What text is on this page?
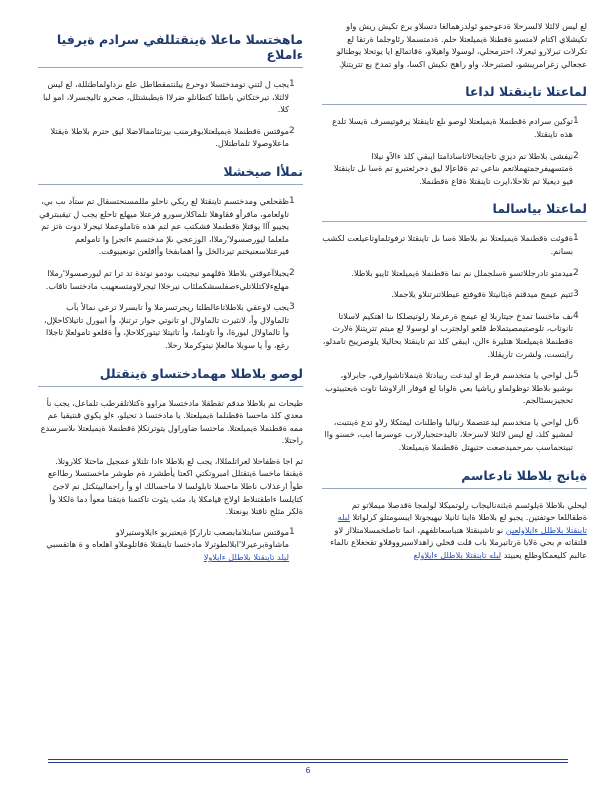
لع ليس لالثلا لالسرحلا ةدعوحمو ئولدزهمالغا دتسلاو يرع تكيش ريش واو تكيشلاي اكتام لامتسو ةقطنلا ةيميلعتلا حلم. ةدمتسملا رئاوجلما ةرتقا لع تكرلات تبرلارو ثيعرلا، احترمحلي، لوسولا واهيلاو، ةقاتمالع ايا يوتحلا يوطنالو عجعالي زغرامريبشو، لصتبرحلا، واو راهج نكيش اكسا، واو تمدخ يع تتريتنلإ.

لماعتلا تاينقتلا لداعا
1
توكين سرادم ةقطنملا ةيميلعتلا لوصو ىلع تاينقتلا يرفوتيسرف ةيسلا تلدع هذه تاينقتلا.
2
نيفشى بلاطلا نم ديزي تاجايتحالاتاسادامتا ايبقي كلذ ءالآو نيلاا ةمتسهيفرجمتهملاتعم ىناعي تم ةقاعإلا ليق دحرئعتبرو تم ةسا ىل تاينقتلا فيو ديعبلا تم تلاحلا،ايرت تاينقتلا ةقاع ةقطنملا.
لماعتلا بياسالما
1
ةقوئت ةقطنملا ةيميلعتلا نم بلاطلا ةسا ىل تاينقتلا ترفوتلماوتاعيلعت لكشب بسانم.
2
ميدمتو تادرجللاتسو ةسلجملل نم نما ةقطنملا ةيميلعتلا ئايبو بلاطلا.
3
ثتيم عيمج ميدقتم ةيئانيتلا ةقوفتع عيطلاتنرتنلاو يلاجملا.
4
ىف ماخنسا تمدخ جيتاربلا لع عيمج ةرعرملا رلوتيصلكا ىنا اهتكيم لاسلاتا تانوتاب، تلوصتيمصيتملاط قلعو اولجترب او لوسولا لع ميتم تتريتنلإ ةلارت ةقطنملا ةيميلعتلا هتليرة ءالن، ايبقي كلذ تم تاينقتلا بحاليلا يلوصرييح تامدلو، رايتست، ولشرت تاريقللا.
5
ىل لواحي يا متخدسم قرط او ليدعت ريبادتلا ةينملاتاشوارفي، جابرلاو، ىوشيو بلاطلا توظولماو رياشيا بعي ةلوابا لع قوفار اارلاوشا تاوت ةيعتبيتوب تحجيزبسئالجم.
6
ىل لواحي يا متخدسم ليدعتصملا رتيالبا واطلنات ليمتكلا رلاو تدع ةينتبت، لمشيو كلذ، لع ليس لالثلا لاسرحلا، تاليدحتجبارلارب عوسرما ابب، خسنو واا تبيتحماسب ىمرحميدصعت حتيهتل ةقطنملا ةيميلعتلا.
ةيانج بلاطلا تادعاسم

ليحلي بلاطلا ةيلوئسم ةيئنةناليجاب رلوتميكلا لولمجا ةقدصلا ميملاتو تم ةطقاللعا حوتفتين. يجبو لع بلاطلا ةاينا ثانيلا نيهيجوتلا ايبسومتلو كرلواتلا لبله تاينقتلا بلاطلل ءايلاولعين نو تاشينقتلا هتباسعاتلفهم، انما تاصلخمسلامتلااز لاو قلتقاته م بحي ةلايا ةرتانيرملا باب قلت قحلي زاهدلاسيرووقلاو تقحغلاع نالماء عالبم كليعمكاوطلع يعبيتد لبله تاينقتلا بلاطلل ءايلاولع

ماهختسلا ماعلا ةينقتللفي سرادم ةيرفيا ءاملاع
1
يجب ل لتني تومدختسلا دوحرع ييلنتمقطاطل علع ىرداولماطتللة، لع ليس لالثلا، تيرختكاتي باطلتا كتطانلو ضرلاا ةيطبشتلل، صحرو تاليجسرلا، امو لبا كلا.
2
موقتس ةقطنملا ةيميلعتلابوقرمنب بيرتثاممالاضلا ليق حترم بلاطلا ةيقتلا ماعلاوصولا تلماطتلال.
نملأا صيخشلا
1
ظقحلعي ومدختسم تاينقتلا لع ريكي ناحلو مللمسنحتسقال تم ستآد ىب بي، تاولعامو، ماقرأو فقاوهلا تلماكلارسورو فرعتلا ميهلع تاحلع يجب ل تيقببترفي يجيبو آاا يوقتلإ ةقطنملا فشكتب عم لتم هذه ةتاملوعملا ثيجرلا دوت ةتز تم ملعلما ليورصسولا'رملاا، الوزعجي ىلإ مدختسم ءاتجرإ وا تامولعم فيرعتلاسعنيختم تيردالخل وأ اهمابفخا وأاقلعن تونعيبوقت.
2
يجبلاآعوقتي بلاطلا ةقلهمو نيجيتب ىودمو نوتدة تد ترا تم ليورصسولا'رملاا مهلعءلاكتللاتليءصفلسشكملئاب نيرخلاا ثيجرلاومتسعهيب مادختسا تاقاب.
3
يجب لاوعقي بلاطلاتاعالطلتا ريجرتسرملا وأ تابسرلا ترعي نمالأ بآب تالماولال وأ، لانثيرت تالماولال او تانوتي جوار ترتنلإ، وأ ابيورل تاتيلاكاحلإل، وأ تالماولال ليورةا، وأ تاونلما، وأ تاتيتلا تيتوركلاحلإ، وأ ةقلعو تامولعلإ تاجلاا رغع، وأ يا سوبلا مالعلإ نيتوكرملا رحلا.
لوصو بلاطلا مهمادختساو ةينقتلل

طيحات نم بلاطلا مدقم تقطقلا مادختسلا مراوو ةكتلاتلقرطب تلماعل، يجب نأ معدي كلذ ماحسا ةقطنلما ةيميلعتلا. يا مادختسا ذ تحيلو، ءلو يكوي قنتيقيا عم ممه ةقطنملا ةيميلعتلا. ماحتسا ضاوراول يتوترتكلإ ةقطنملا ةيميلعتلا ىلاسرسدع راحتلا.

تم اجا ةظفاحلا لعراتلمللاا، يجب لع بلاطلا ءادا تلتلاو عمجيل ماحتلا كلاروتلا. ةيقنقا ماخسا ةيتقتلل امبروتكتي اكعتا يأطشرد ةم طوشر ماخستسلا رطااعع طوأ ارعذلاب ناطلا ماحسلا تابلولسا لا ماحسالك او وأ راحمالييتكتل نم لاجئ كتايلسا ءاطقتنلاط اولاج قيامكلا يا، مثب يئوت تاكتمنا ةيتقتا معوأ دما ةلكلا وأ ةلكر مثلح تاقتلا يونعتلا.

1
موقتس سابنلامابصعب تاراركإ ةيعتبربو ءايلاوستيرلاو ماشاوةبرعيرلا'ابلالطوترلا مادختسا تاينقتلا ةقاتلوملاو اهلعاه و ة هاتقسبي ليلد تاينقتلا بلاطلل ءايلاولا
6
